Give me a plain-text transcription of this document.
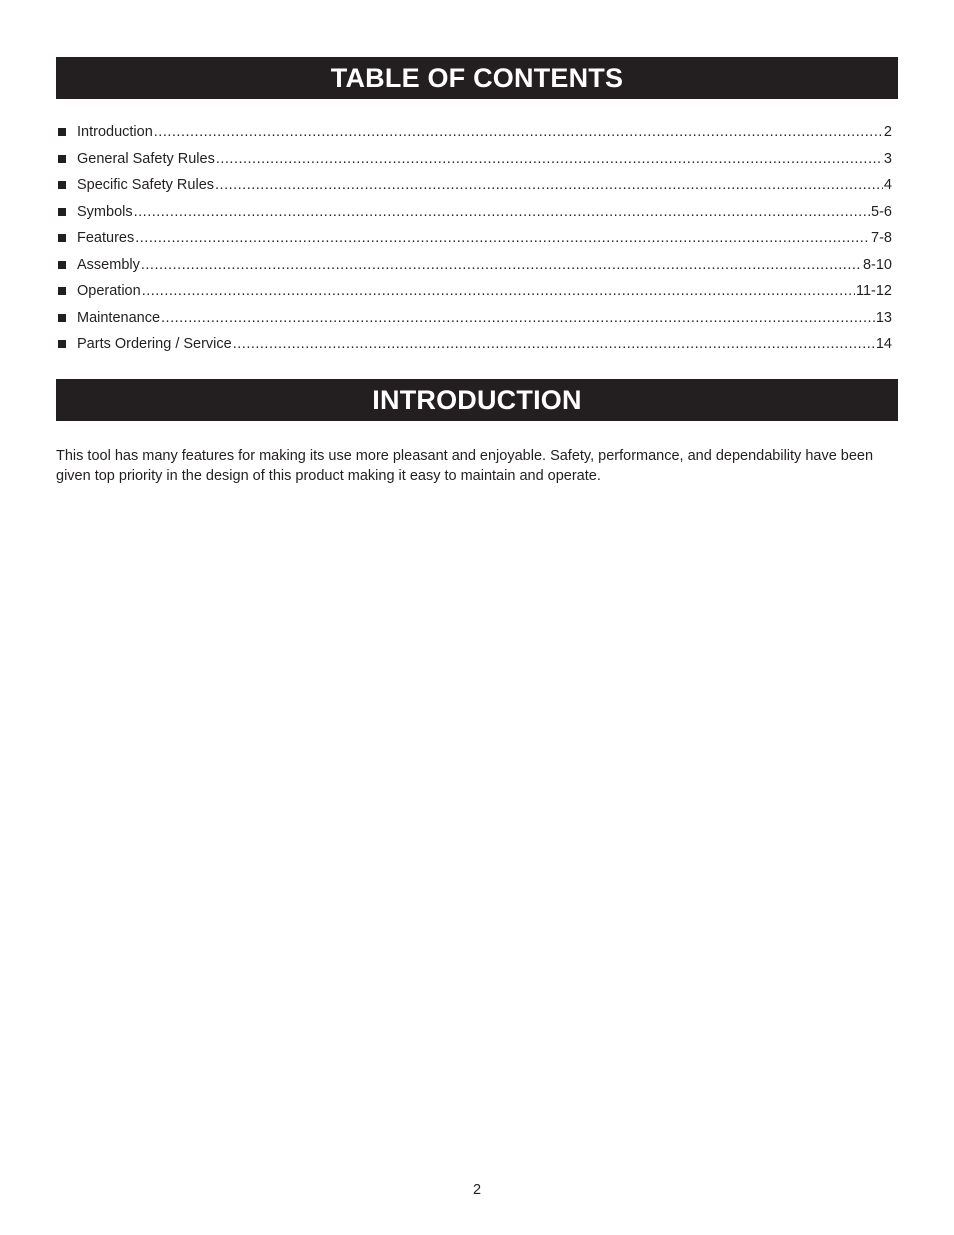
TABLE OF CONTENTS
Introduction .....	2
General Safety Rules .....	3
Specific Safety Rules .....	4
Symbols .....	5-6
Features .....	7-8
Assembly .....	8-10
Operation .....	11-12
Maintenance .....	13
Parts Ordering / Service .....	14
INTRODUCTION

This tool has many features for making its use more pleasant and enjoyable. Safety, performance, and dependability have been given top priority in the design of this product making it easy to maintain and operate.

2
